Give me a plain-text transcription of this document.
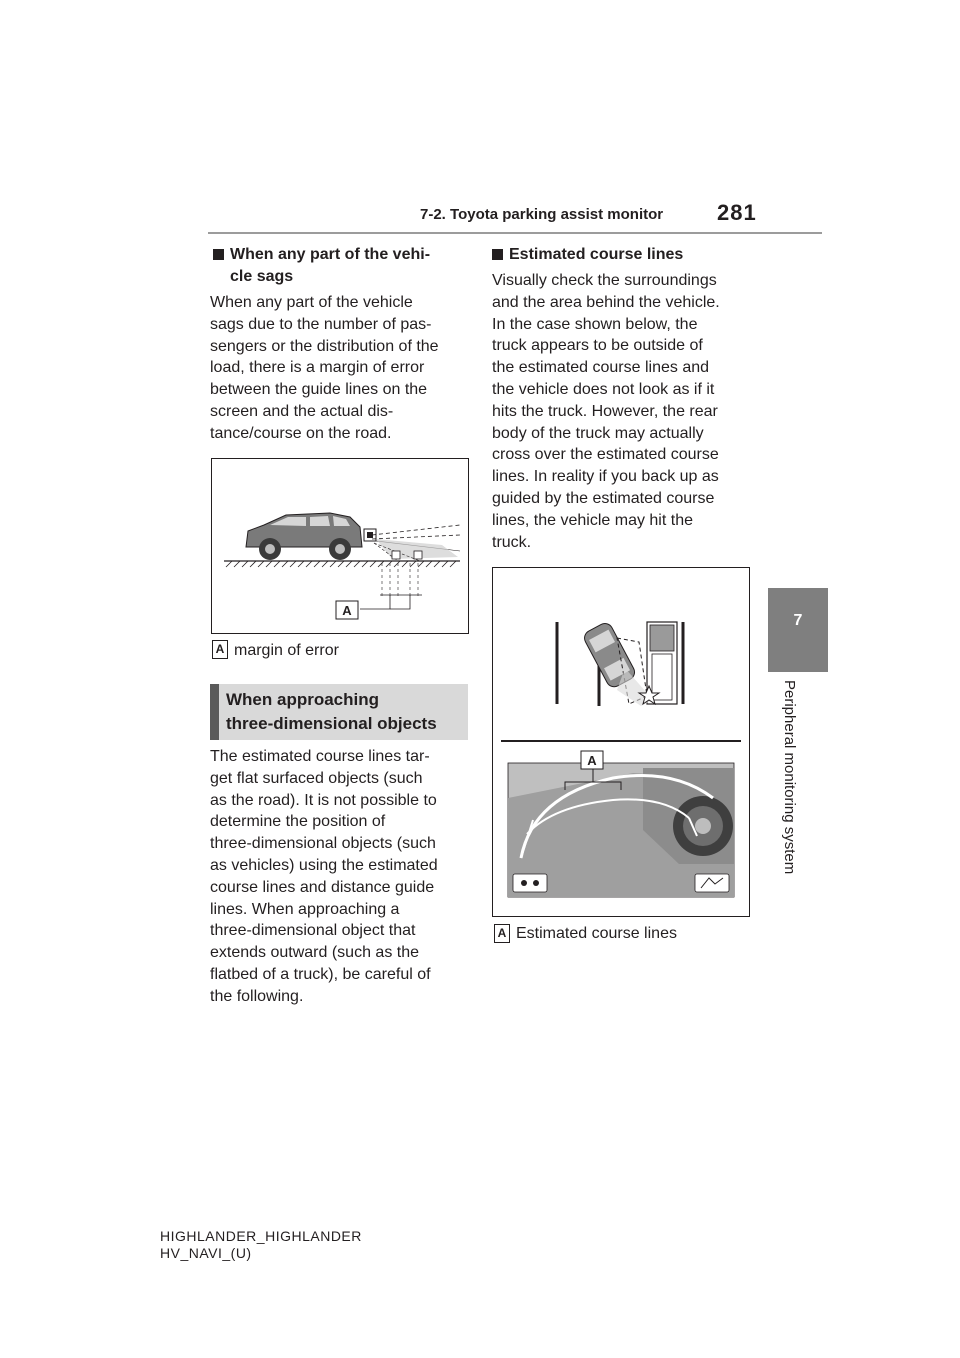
7-2. Toyota parking assist monitor 281
7
Peripheral monitoring system
When any part of the vehi-
cle sags
When any part of the vehicle
sags due to the number of pas-
sengers or the distribution of the
load, there is a margin of error
between the guide lines on the
screen and the actual dis-
tance/course on the road.
A
A margin of error
When approaching
three-dimensional objects
The estimated course lines tar-
get flat surfaced objects (such
as the road). It is not possible to
determine the position of
three-dimensional objects (such
as vehicles) using the estimated
course lines and distance guide
lines. When approaching a
three-dimensional object that
extends outward (such as the
flatbed of a truck), be careful of
the following.
Estimated course lines
Visually check the surroundings
and the area behind the vehicle.
In the case shown below, the
truck appears to be outside of
the estimated course lines and
the vehicle does not look as if it
hits the truck. However, the rear
body of the truck may actually
cross over the estimated course
lines. In reality if you back up as
guided by the estimated course
lines, the vehicle may hit the
truck.
A
A Estimated course lines
HIGHLANDER_HIGHLANDER
HV_NAVI_(U)
